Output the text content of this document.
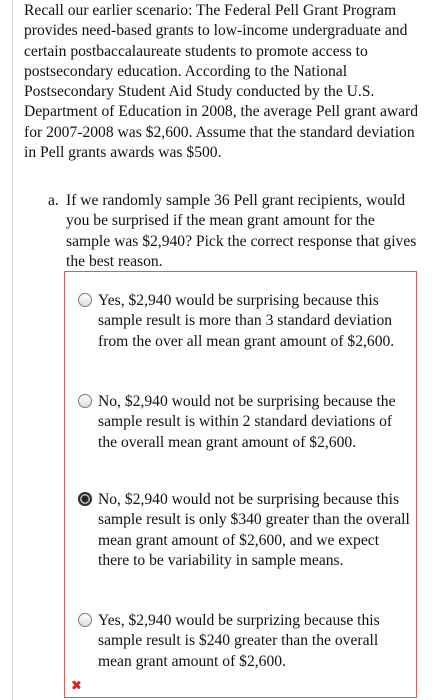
Recall our earlier scenario: The Federal Pell Grant Program provides need-based grants to low-income undergraduate and certain postbaccalaureate students to promote access to postsecondary education. According to the National Postsecondary Student Aid Study conducted by the U.S. Department of Education in 2008, the average Pell grant award for 2007-2008 was $2,600. Assume that the standard deviation in Pell grants awards was $500.
a. If we randomly sample 36 Pell grant recipients, would you be surprised if the mean grant amount for the sample was $2,940? Pick the correct response that gives the best reason.
Yes, $2,940 would be surprising because this sample result is more than 3 standard deviation from the over all mean grant amount of $2,600.
No, $2,940 would not be surprising because the sample result is within 2 standard deviations of the overall mean grant amount of $2,600.
No, $2,940 would not be surprising because this sample result is only $340 greater than the overall mean grant amount of $2,600, and we expect there to be variability in sample means.
Yes, $2,940 would be surprizing because this sample result is $240 greater than the overall mean grant amount of $2,600.
